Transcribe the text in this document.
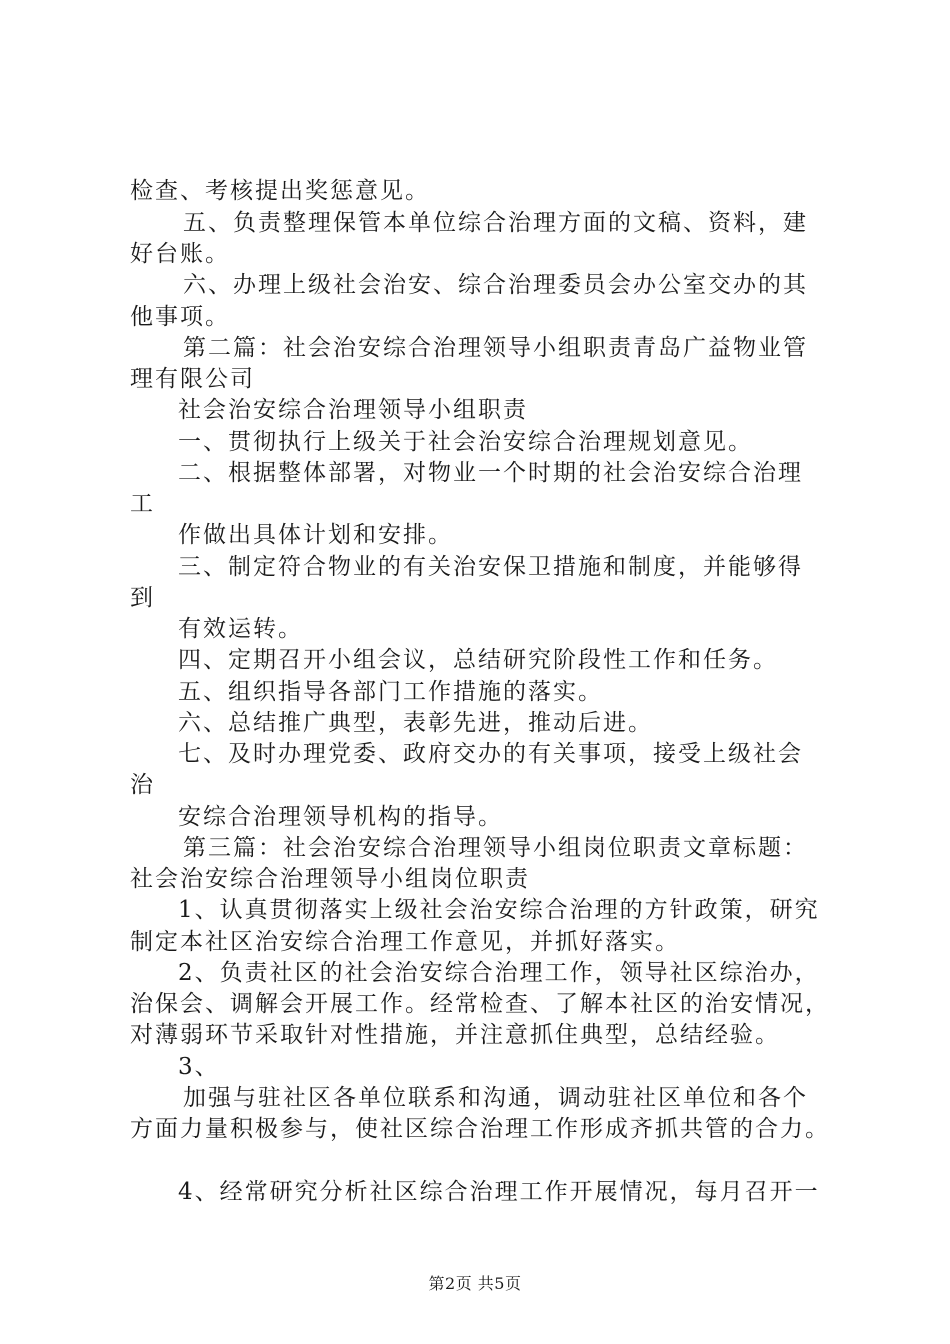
检查、考核提出奖惩意见。
五、负责整理保管本单位综合治理方面的文稿、资料，建
好台账。
六、办理上级社会治安、综合治理委员会办公室交办的其
他事项。
第二篇：社会治安综合治理领导小组职责青岛广益物业管
理有限公司
社会治安综合治理领导小组职责
一、贯彻执行上级关于社会治安综合治理规划意见。
二、根据整体部署，对物业一个时期的社会治安综合治理
工
作做出具体计划和安排。
三、制定符合物业的有关治安保卫措施和制度，并能够得
到
有效运转。
四、定期召开小组会议，总结研究阶段性工作和任务。
五、组织指导各部门工作措施的落实。
六、总结推广典型，表彰先进，推动后进。
七、及时办理党委、政府交办的有关事项，接受上级社会
治
安综合治理领导机构的指导。
第三篇：社会治安综合治理领导小组岗位职责文章标题：
社会治安综合治理领导小组岗位职责
1、认真贯彻落实上级社会治安综合治理的方针政策，研究
制定本社区治安综合治理工作意见，并抓好落实。
2、负责社区的社会治安综合治理工作，领导社区综治办，
治保会、调解会开展工作。经常检查、了解本社区的治安情况，
对薄弱环节采取针对性措施，并注意抓住典型，总结经验。
3、
加强与驻社区各单位联系和沟通，调动驻社区单位和各个
方面力量积极参与，使社区综合治理工作形成齐抓共管的合力。
4、经常研究分析社区综合治理工作开展情况，每月召开一
第2页 共5页
